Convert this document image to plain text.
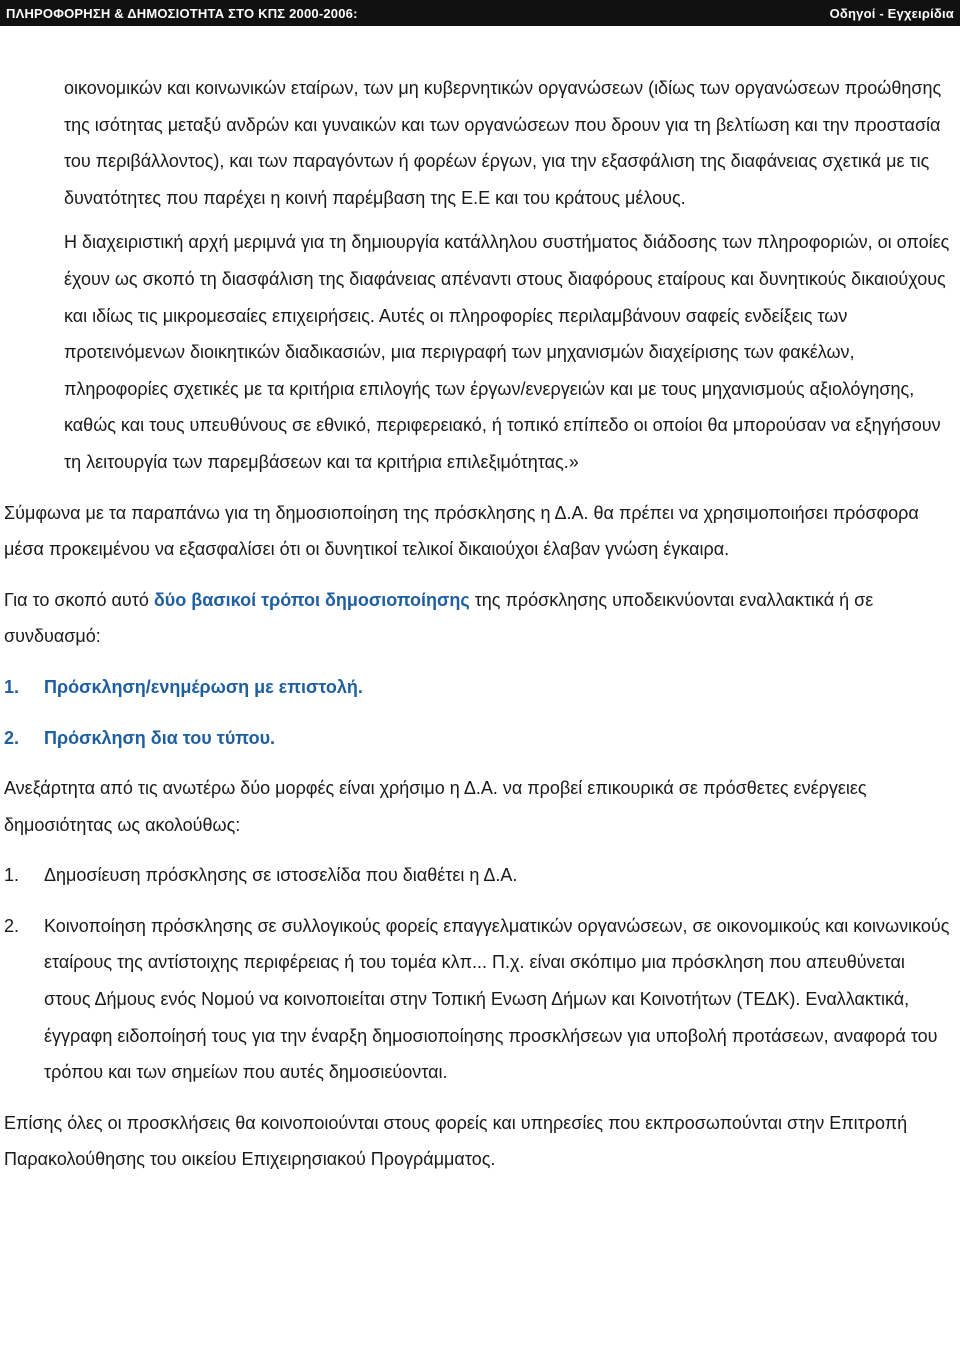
ΠΛΗΡΟΦΟΡΗΣΗ & ΔΗΜΟΣΙΟΤΗΤΑ ΣΤΟ ΚΠΣ 2000-2006:	Οδηγοί - Εγχειρίδια

οικονομικών και κοινωνικών εταίρων, των μη κυβερνητικών οργανώσεων (ιδίως των οργανώσεων προώθησης της ισότητας μεταξύ ανδρών και γυναικών και των οργανώσεων που δρουν για τη βελτίωση και την προστασία του περιβάλλοντος), και των παραγόντων ή φορέων έργων, για την εξασφάλιση της διαφάνειας σχετικά με τις δυνατότητες που παρέχει η κοινή παρέμβαση της Ε.Ε και του κράτους μέλους.

Η διαχειριστική αρχή μεριμνά για τη δημιουργία κατάλληλου συστήματος διάδοσης των πληροφοριών, οι οποίες έχουν ως σκοπό τη διασφάλιση της διαφάνειας απέναντι στους διαφόρους εταίρους και δυνητικούς δικαιούχους και ιδίως τις μικρομεσαίες επιχειρήσεις. Αυτές οι πληροφορίες περιλαμβάνουν σαφείς ενδείξεις των προτεινόμενων διοικητικών διαδικασιών, μια περιγραφή των μηχανισμών διαχείρισης των φακέλων, πληροφορίες σχετικές με τα κριτήρια επιλογής των έργων/ενεργειών και με τους μηχανισμούς αξιολόγησης, καθώς και τους υπευθύνους σε εθνικό, περιφερειακό, ή τοπικό επίπεδο οι οποίοι θα μπορούσαν να εξηγήσουν τη λειτουργία των παρεμβάσεων και τα κριτήρια επιλεξιμότητας.»

Σύμφωνα με τα παραπάνω για τη δημοσιοποίηση της πρόσκλησης η Δ.Α. θα πρέπει να χρησιμοποιήσει πρόσφορα μέσα προκειμένου να εξασφαλίσει ότι οι δυνητικοί τελικοί δικαιούχοι έλαβαν γνώση έγκαιρα.

Για το σκοπό αυτό δύο βασικοί τρόποι δημοσιοποίησης της πρόσκλησης υποδεικνύονται εναλλακτικά ή σε συνδυασμό:

1.	Πρόσκληση/ενημέρωση με επιστολή.
2.	Πρόσκληση δια του τύπου.

Ανεξάρτητα από τις ανωτέρω δύο μορφές είναι χρήσιμο η Δ.Α. να προβεί επικουρικά σε πρόσθετες ενέργειες δημοσιότητας ως ακολούθως:

1.	Δημοσίευση πρόσκλησης σε ιστοσελίδα που διαθέτει η Δ.Α.
2.	Κοινοποίηση πρόσκλησης σε συλλογικούς φορείς επαγγελματικών οργανώσεων, σε οικονομικούς και κοινωνικούς εταίρους της αντίστοιχης περιφέρειας ή του τομέα κλπ... Π.χ. είναι σκόπιμο μια πρόσκληση που απευθύνεται στους Δήμους ενός Νομού να κοινοποιείται στην Τοπική Ενωση Δήμων και Κοινοτήτων (ΤΕΔΚ). Εναλλακτικά, έγγραφη ειδοποίησή τους για την έναρξη δημοσιοποίησης προσκλήσεων για υποβολή προτάσεων, αναφορά του τρόπου και των σημείων που αυτές δημοσιεύονται.

Επίσης όλες οι προσκλήσεις θα κοινοποιούνται στους φορείς και υπηρεσίες που εκπροσωπούνται στην Επιτροπή Παρακολούθησης του οικείου Επιχειρησιακού Προγράμματος.
